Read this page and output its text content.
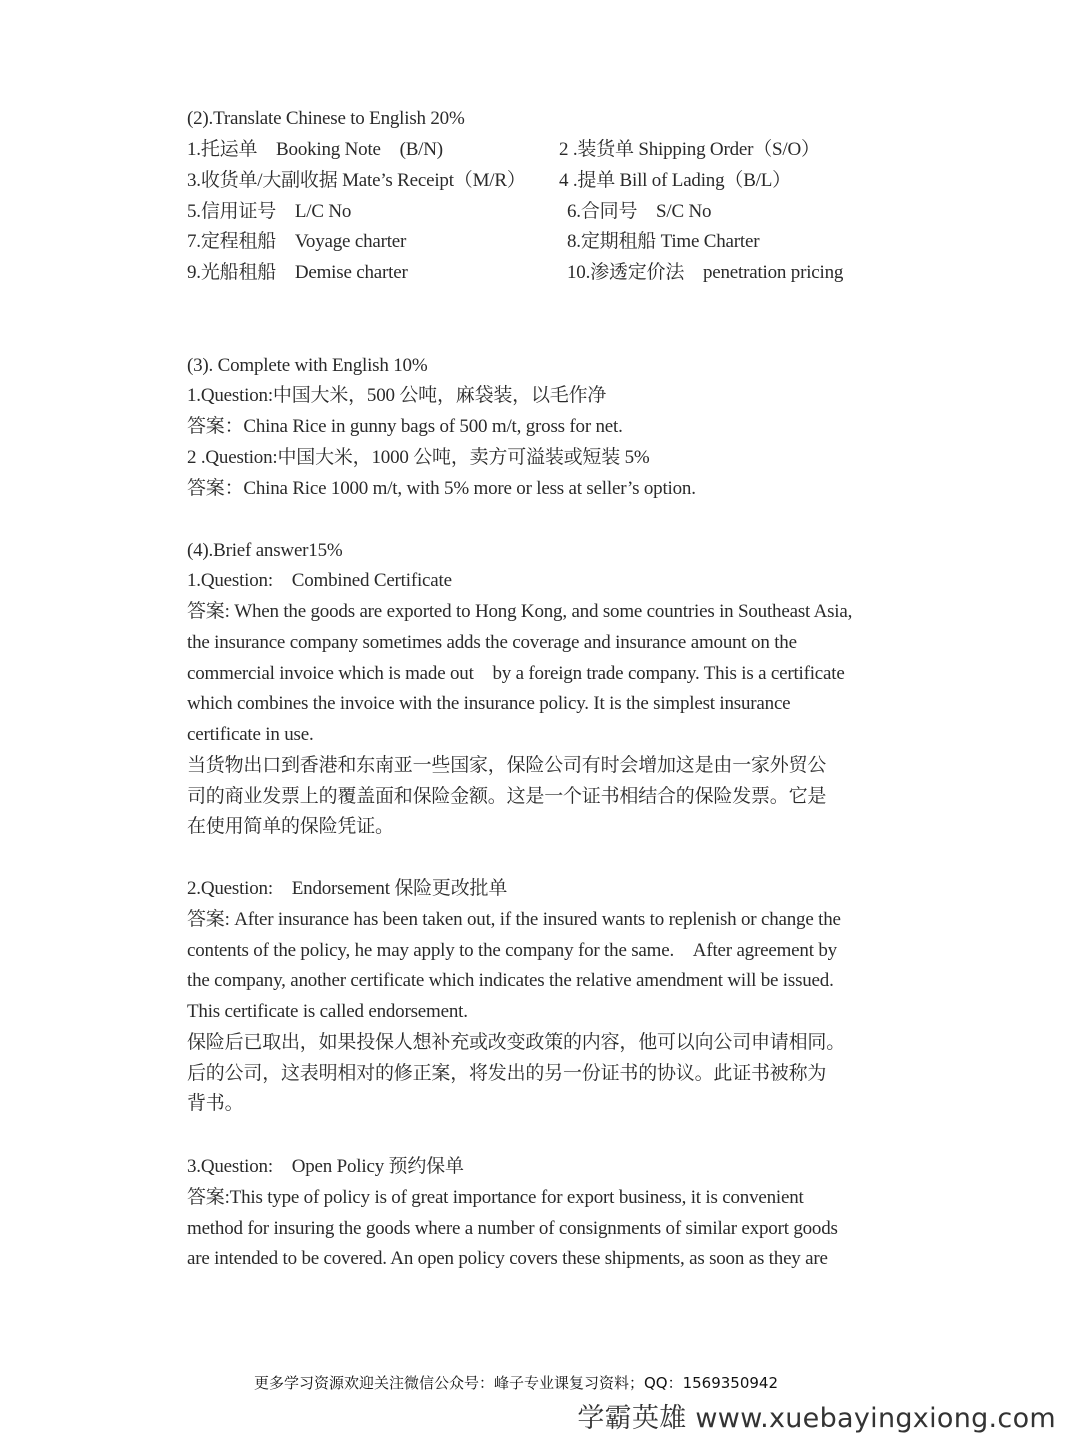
(2).Translate Chinese to English 20%
1.托运单　Booking Note　(B/N)	2 .装货单 Shipping Order（S/O）
3.收货单/大副收据 Mate’s Receipt（M/R） 4 .提单 Bill of Lading（B/L）
5.信用证号　L/C No	6.合同号　S/C No
7.定程租船　Voyage charter	8.定期租船 Time Charter
9.光船租船　Demise charter	10.渗透定价法　penetration pricing
(3). Complete with English 10%
1.Question:中国大米，500 公吨，麻袋装，以毛作净
答案：China Rice in gunny bags of 500 m/t, gross for net.
2 .Question:中国大米，1000 公吨，卖方可溢装或短装 5%
答案：China Rice 1000 m/t, with 5% more or less at seller’s option.
(4).Brief answer15%
1.Question:　Combined Certificate
答案: When the goods are exported to Hong Kong, and some countries in Southeast Asia,
the insurance company sometimes adds the coverage and insurance amount on the
commercial invoice which is made out　by a foreign trade company. This is a certificate
which combines the invoice with the insurance policy. It is the simplest insurance
certificate in use.
当货物出口到香港和东南亚一些国家，保险公司有时会增加这是由一家外贸公
司的商业发票上的覆盖面和保险金额。这是一个证书相结合的保险发票。它是
在使用简单的保险凭证。
2.Question:　Endorsement 保险更改批单
答案: After insurance has been taken out, if the insured wants to replenish or change the
contents of the policy, he may apply to the company for the same.　After agreement by
the company, another certificate which indicates the relative amendment will be issued.
This certificate is called endorsement.
保险后已取出，如果投保人想补充或改变政策的内容，他可以向公司申请相同。
后的公司，这表明相对的修正案，将发出的另一份证书的协议。此证书被称为
背书。
3.Question:　Open Policy 预约保单
答案:This type of policy is of great importance for export business, it is convenient
method for insuring the goods where a number of consignments of similar export goods
are intended to be covered. An open policy covers these shipments, as soon as they are
更多学习资源欢迎关注微信公众号：峰子专业课复习资料；QQ：1569350942
学霸英雄 www.xuebayingxiong.com
